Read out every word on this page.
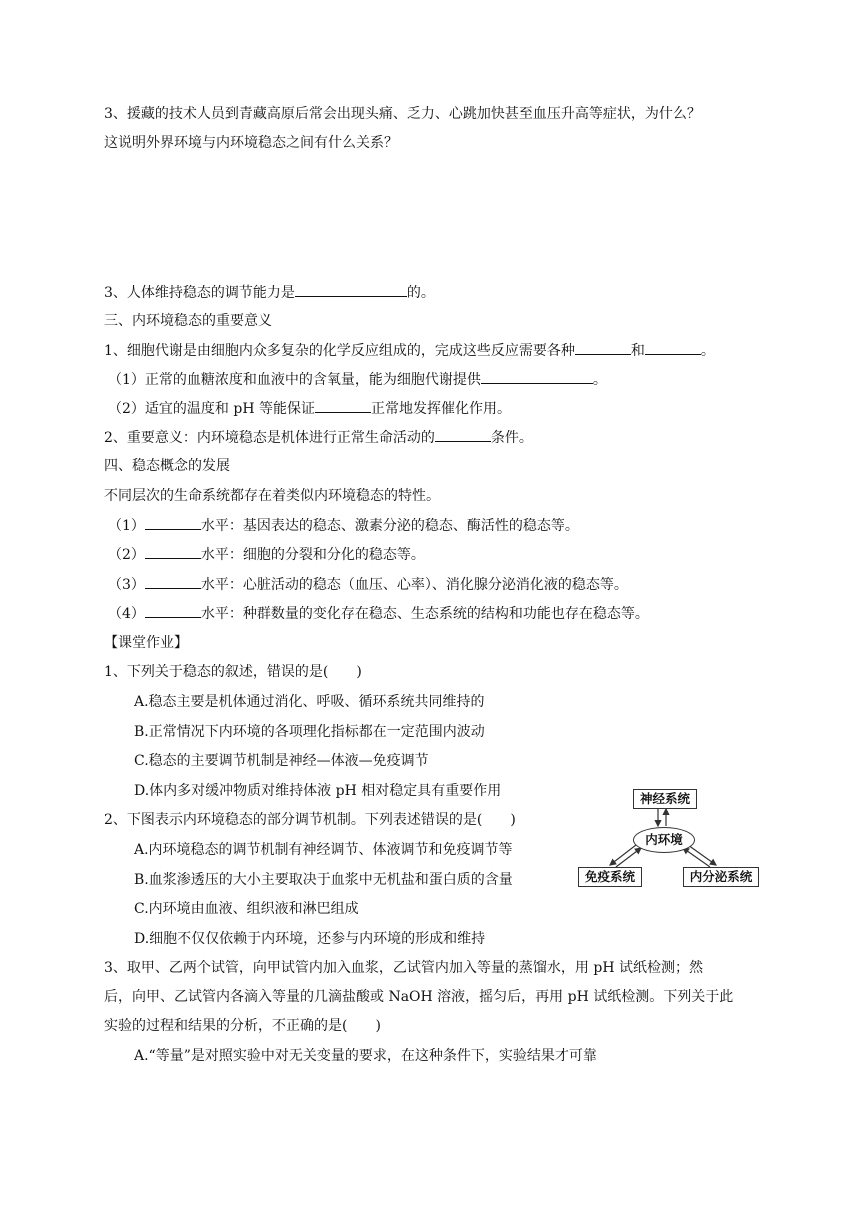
3、援藏的技术人员到青藏高原后常会出现头痛、乏力、心跳加快甚至血压升高等症状，为什么？
这说明外界环境与内环境稳态之间有什么关系？
3、人体维持稳态的调节能力是	的。
三、内环境稳态的重要意义
1、细胞代谢是由细胞内众多复杂的化学反应组成的，完成这些反应需要各种	和	。
（1）正常的血糖浓度和血液中的含氧量，能为细胞代谢提供	。
（2）适宜的温度和 pH 等能保证	正常地发挥催化作用。
2、重要意义：内环境稳态是机体进行正常生命活动的	条件。
四、稳态概念的发展
不同层次的生命系统都存在着类似内环境稳态的特性。
（1）	水平：基因表达的稳态、激素分泌的稳态、酶活性的稳态等。
（2）	水平：细胞的分裂和分化的稳态等。
（3）	水平：心脏活动的稳态（血压、心率）、消化腺分泌消化液的稳态等。
（4）	水平：种群数量的变化存在稳态、生态系统的结构和功能也存在稳态等。
【课堂作业】
1、下列关于稳态的叙述，错误的是(　　)
A.稳态主要是机体通过消化、呼吸、循环系统共同维持的
B.正常情况下内环境的各项理化指标都在一定范围内波动
C.稳态的主要调节机制是神经—体液—免疫调节
D.体内多对缓冲物质对维持体液 pH 相对稳定具有重要作用
2、下图表示内环境稳态的部分调节机制。下列表述错误的是(　　)
A.内环境稳态的调节机制有神经调节、体液调节和免疫调节等
B.血浆渗透压的大小主要取决于血浆中无机盐和蛋白质的含量
C.内环境由血液、组织液和淋巴组成
D.细胞不仅仅依赖于内环境，还参与内环境的形成和维持
神经系统
内环境
免疫系统	内分泌系统
3、取甲、乙两个试管，向甲试管内加入血浆，乙试管内加入等量的蒸馏水，用 pH 试纸检测；然
后，向甲、乙试管内各滴入等量的几滴盐酸或 NaOH 溶液，摇匀后，再用 pH 试纸检测。下列关于此
实验的过程和结果的分析，不正确的是(　　)
A.“等量”是对照实验中对无关变量的要求，在这种条件下，实验结果才可靠
